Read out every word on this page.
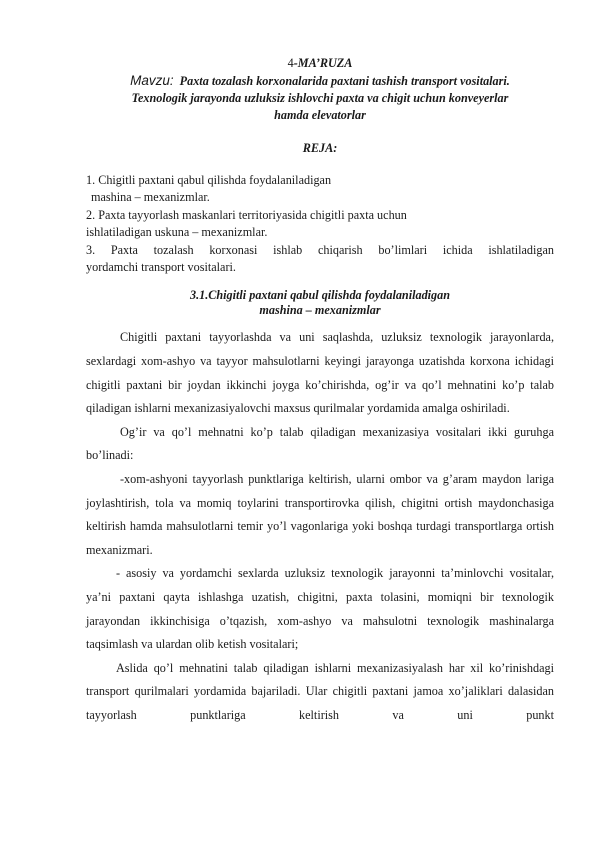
4-MA’RUZA
Mavzu: Paxta tozalash korxonalarida paxtani tashish transport vositalari.
Texnologik jarayonda uzluksiz ishlovchi paxta va chigit uchun konveyerlar
hamda elevatorlar
REJA:

1. Chigitli paxtani qabul qilishda foydalaniladigan

mashina – mexanizmlar.

2. Paxta tayyorlash maskanlari territoriyasida chigitli paxta uchun

ishlatiladigan uskuna – mexanizmlar.

3. Paxta tozalash korxonasi ishlab chiqarish bo’limlari ichida ishlatiladigan

yordamchi transport vositalari.

3.1.Chigitli paxtani qabul qilishda foydalaniladigan
mashina – mexanizmlar

Chigitli paxtani tayyorlashda va uni saqlashda, uzluksiz texnologik jarayonlarda, sexlardagi xom-ashyo va tayyor mahsulotlarni keyingi jarayonga uzatishda korxona ichidagi chigitli paxtani bir joydan ikkinchi joyga ko’chirishda, og’ir va qo’l mehnatini ko’p talab qiladigan ishlarni mexanizasiyalovchi maxsus qurilmalar yordamida amalga oshiriladi.

Og’ir va qo’l mehnatni ko’p talab qiladigan mexanizasiya vositalari ikki guruhga bo’linadi:

-xom-ashyoni tayyorlash punktlariga keltirish, ularni ombor va g’aram maydon lariga joylashtirish, tola va momiq toylarini transportirovka qilish, chigitni ortish maydonchasiga keltirish hamda mahsulotlarni temir yo’l vagonlariga yoki boshqa turdagi transportlarga ortish mexanizmari.

- asosiy va yordamchi sexlarda uzluksiz texnologik jarayonni ta’minlovchi vositalar, ya’ni paxtani qayta ishlashga uzatish, chigitni, paxta tolasini, momiqni bir texnologik jarayondan ikkinchisiga o’tqazish, xom-ashyo va mahsulotni texnologik mashinalarga taqsimlash va ulardan olib ketish vositalari;

Aslida qo’l mehnatini talab qiladigan ishlarni mexanizasiyalash har xil ko’rinishdagi transport qurilmalari yordamida bajariladi. Ular chigitli paxtani jamoa xo’jaliklari dalasidan tayyorlash punktlariga keltirish va uni punkt
